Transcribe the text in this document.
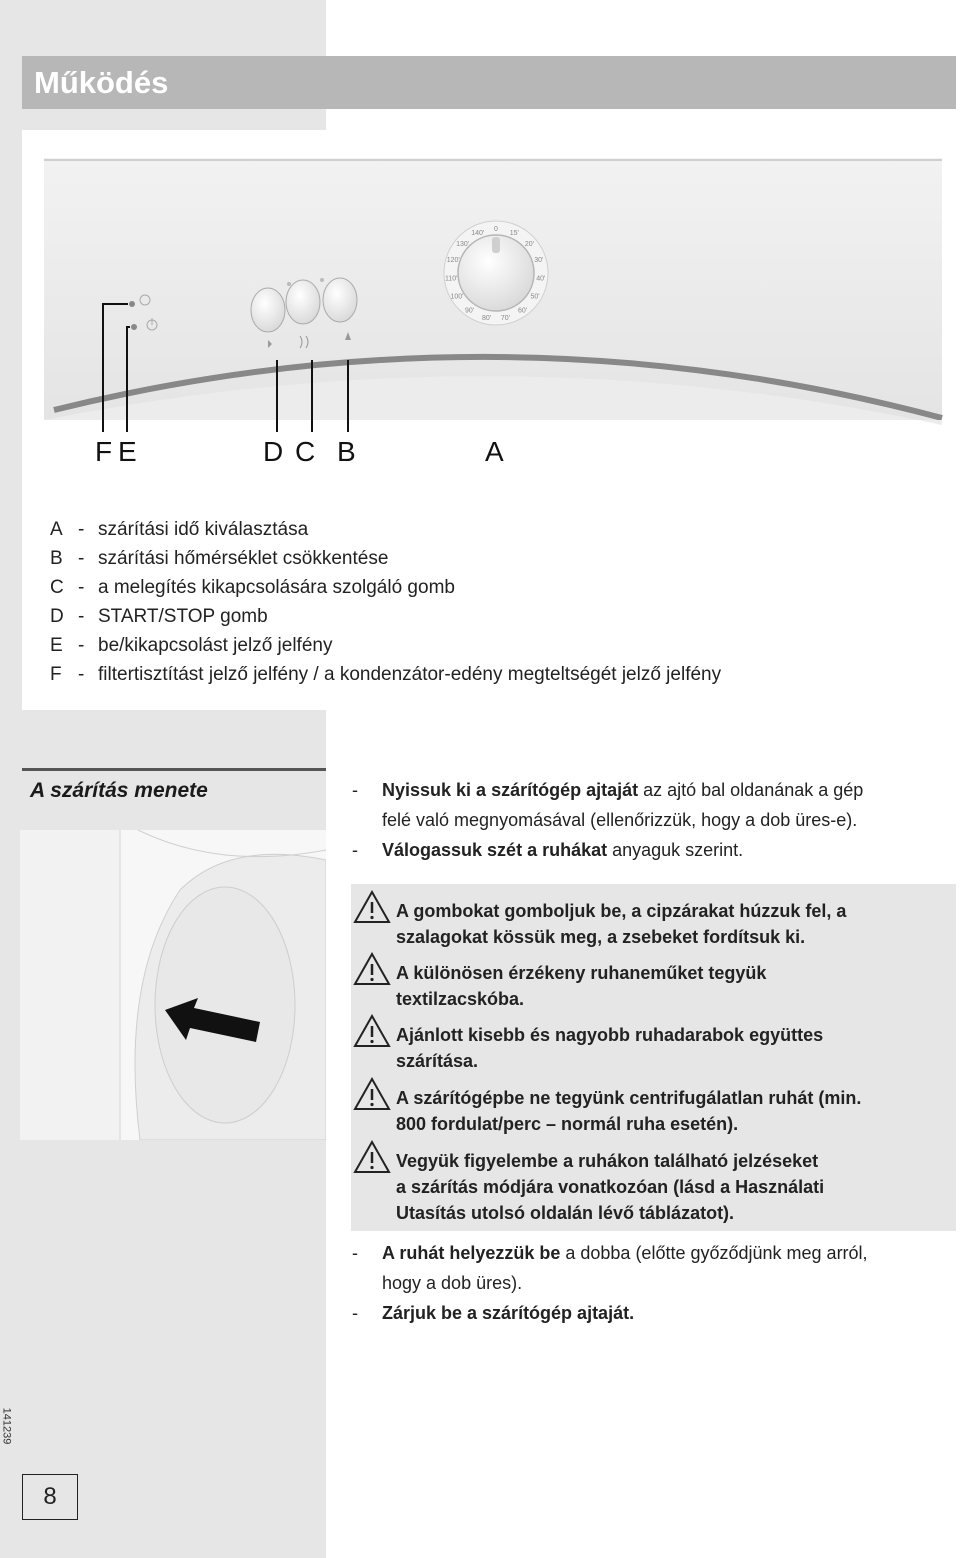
Működés
0
15'
20'
30'
40'
50'
60'
70'
80'
90'
100'
110'
120'
130'
140'
F E	D C B	A
A - szárítási idő kiválasztása
B - szárítási hőmérséklet csökkentése
C - a melegítés kikapcsolására szolgáló gomb
D - START/STOP gomb
E - be/kikapcsolást jelző jelfény
F - filtertisztítást jelző jelfény / a kondenzátor-edény megteltségét jelző jelfény
A szárítás menete	-	Nyissuk ki a szárítógép ajtaját az ajtó bal oldanának a gép
felé való megnyomásával (ellenőrizzük, hogy a dob üres-e).
-	Válogassuk szét a ruhákat anyaguk szerint.
A gombokat gomboljuk be, a cipzárakat húzzuk fel, a
szalagokat kössük meg, a zsebeket fordítsuk ki.
A különösen érzékeny ruhaneműket tegyük
textilzacskóba.
Ajánlott kisebb és nagyobb ruhadarabok együttes
szárítása.
A szárítógépbe ne tegyünk centrifugálatlan ruhát (min.
800 fordulat/perc – normál ruha esetén).
Vegyük figyelembe a ruhákon található jelzéseket
a szárítás módjára vonatkozóan (lásd a Használati
Utasítás utolsó oldalán lévő táblázatot).
-	A ruhát helyezzük be a dobba (előtte győződjünk meg arról,
hogy a dob üres).
-	Zárjuk be a szárítógép ajtaját.
141239
8
